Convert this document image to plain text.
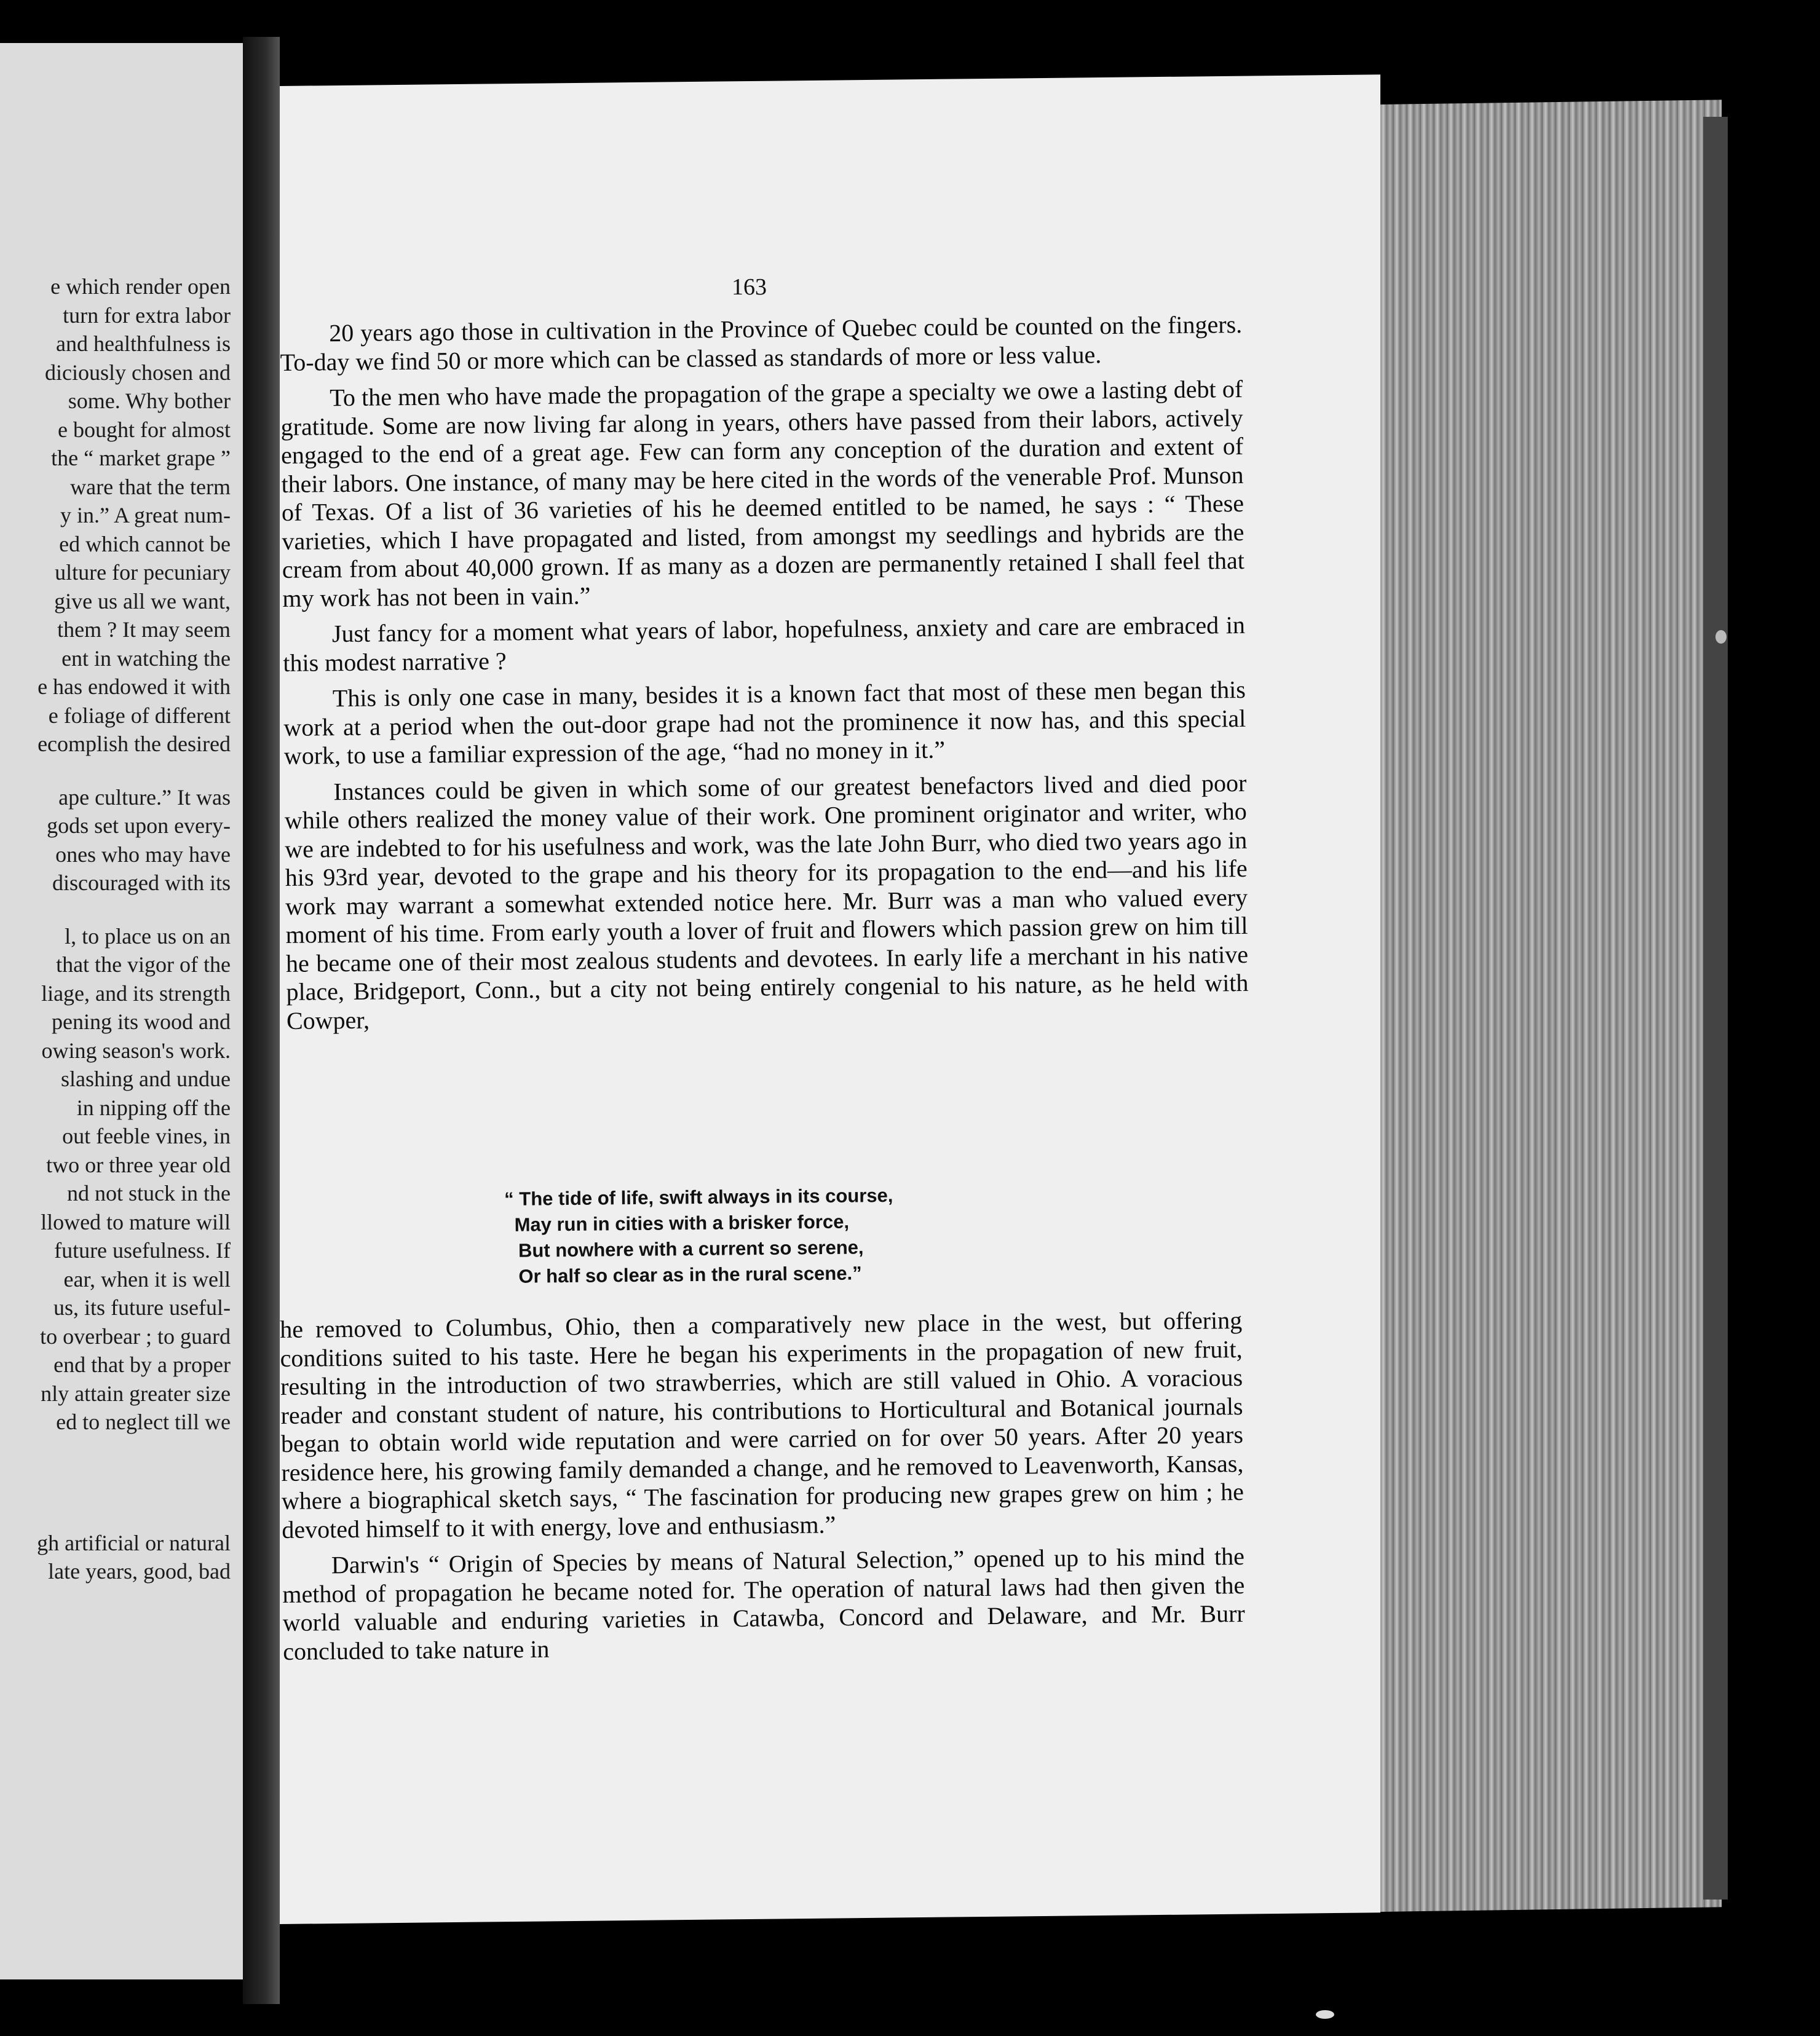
e which render open
turn for extra labor
and healthfulness is
diciously chosen and
some. Why bother
e bought for almost
the “ market grape ”
ware that the term
y in.” A great num-
ed which cannot be
ulture for pecuniary
give us all we want,
them ? It may seem
ent in watching the
e has endowed it with
e foliage of different
ecomplish the desired
ape culture.” It was
gods set upon every-
ones who may have
discouraged with its
l, to place us on an
that the vigor of the
liage, and its strength
pening its wood and
owing season's work.
slashing and undue
in nipping off the
out feeble vines, in
two or three year old
nd not stuck in the
llowed to mature will
future usefulness. If
ear, when it is well
us, its future useful-
to overbear ; to guard
end that by a proper
nly attain greater size
ed to neglect till we
gh artificial or natural
late years, good, bad
163

20 years ago those in cultivation in the Province of Quebec could be counted on the fingers. To-day we find 50 or more which can be classed as standards of more or less value.

To the men who have made the propagation of the grape a specialty we owe a lasting debt of gratitude. Some are now living far along in years, others have passed from their labors, actively engaged to the end of a great age. Few can form any conception of the duration and extent of their labors. One instance, of many may be here cited in the words of the venerable Prof. Munson of Texas. Of a list of 36 varieties of his he deemed entitled to be named, he says : “ These varieties, which I have propagated and listed, from amongst my seedlings and hybrids are the cream from about 40,000 grown. If as many as a dozen are permanently retained I shall feel that my work has not been in vain.”

Just fancy for a moment what years of labor, hopefulness, anxiety and care are embraced in this modest narrative ?

This is only one case in many, besides it is a known fact that most of these men began this work at a period when the out-door grape had not the prominence it now has, and this special work, to use a familiar expression of the age, “had no money in it.”

Instances could be given in which some of our greatest benefactors lived and died poor while others realized the money value of their work. One prominent originator and writer, who we are indebted to for his usefulness and work, was the late John Burr, who died two years ago in his 93rd year, devoted to the grape and his theory for its propagation to the end—and his life work may warrant a somewhat extended notice here. Mr. Burr was a man who valued every moment of his time. From early youth a lover of fruit and flowers which passion grew on him till he became one of their most zealous students and devotees. In early life a merchant in his native place, Bridgeport, Conn., but a city not being entirely congenial to his nature, as he held with Cowper,

“ The tide of life, swift always in its course,
May run in cities with a brisker force,
But nowhere with a current so serene,
Or half so clear as in the rural scene.”

he removed to Columbus, Ohio, then a comparatively new place in the west, but offering conditions suited to his taste. Here he began his experiments in the propagation of new fruit, resulting in the introduction of two strawberries, which are still valued in Ohio. A voracious reader and constant student of nature, his contributions to Horticultural and Botanical journals began to obtain world wide reputation and were carried on for over 50 years. After 20 years residence here, his growing family demanded a change, and he removed to Leavenworth, Kansas, where a biographical sketch says, “ The fascination for producing new grapes grew on him ; he devoted himself to it with energy, love and enthusiasm.”

Darwin's “ Origin of Species by means of Natural Selection,” opened up to his mind the method of propagation he became noted for. The operation of natural laws had then given the world valuable and enduring varieties in Catawba, Concord and Delaware, and Mr. Burr concluded to take nature in
